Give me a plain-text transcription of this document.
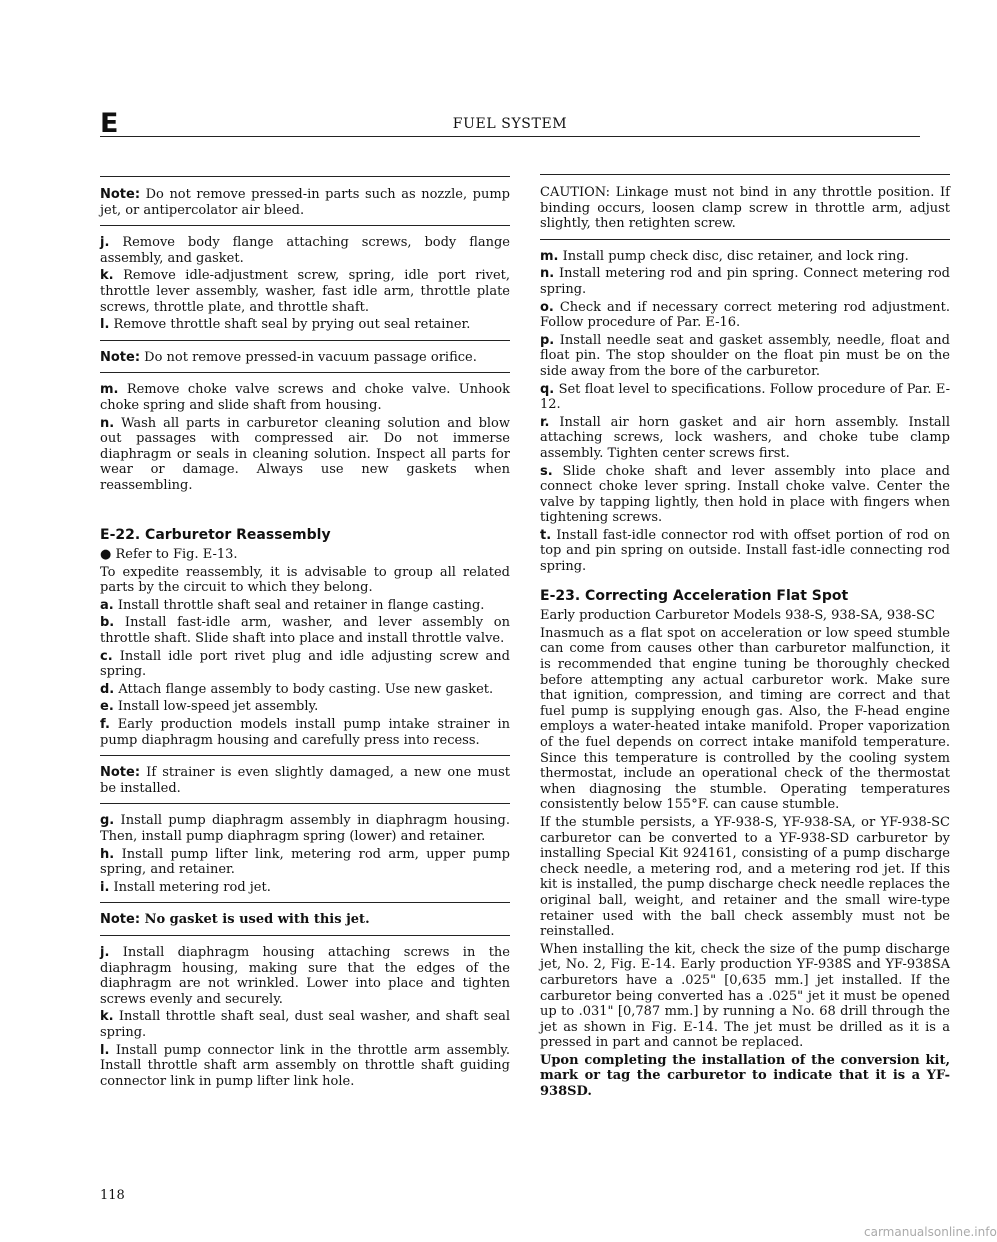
E	FUEL SYSTEM

Note: Do not remove pressed-in parts such as nozzle, pump jet, or antipercolator air bleed.

j. Remove body flange attaching screws, body flange assembly, and gasket.

k. Remove idle-adjustment screw, spring, idle port rivet, throttle lever assembly, washer, fast idle arm, throttle plate screws, throttle plate, and throttle shaft.

l. Remove throttle shaft seal by prying out seal retainer.

Note: Do not remove pressed-in vacuum passage orifice.

m. Remove choke valve screws and choke valve. Unhook choke spring and slide shaft from housing.

n. Wash all parts in carburetor cleaning solution and blow out passages with compressed air. Do not immerse diaphragm or seals in cleaning solution. Inspect all parts for wear or damage. Always use new gaskets when reassembling.

E-22. Carburetor Reassembly

● Refer to Fig. E-13.

To expedite reassembly, it is advisable to group all related parts by the circuit to which they belong.

a. Install throttle shaft seal and retainer in flange casting.

b. Install fast-idle arm, washer, and lever assembly on throttle shaft. Slide shaft into place and install throttle valve.

c. Install idle port rivet plug and idle adjusting screw and spring.

d. Attach flange assembly to body casting. Use new gasket.

e. Install low-speed jet assembly.

f. Early production models install pump intake strainer in pump diaphragm housing and carefully press into recess.

Note: If strainer is even slightly damaged, a new one must be installed.

g. Install pump diaphragm assembly in diaphragm housing. Then, install pump diaphragm spring (lower) and retainer.

h. Install pump lifter link, metering rod arm, upper pump spring, and retainer.

i. Install metering rod jet.

Note: No gasket is used with this jet.

j. Install diaphragm housing attaching screws in the diaphragm housing, making sure that the edges of the diaphragm are not wrinkled. Lower into place and tighten screws evenly and securely.

k. Install throttle shaft seal, dust seal washer, and shaft seal spring.

l. Install pump connector link in the throttle arm assembly. Install throttle shaft arm assembly on throttle shaft guiding connector link in pump lifter link hole.

CAUTION: Linkage must not bind in any throttle position. If binding occurs, loosen clamp screw in throttle arm, adjust slightly, then retighten screw.

m. Install pump check disc, disc retainer, and lock ring.

n. Install metering rod and pin spring. Connect metering rod spring.

o. Check and if necessary correct metering rod adjustment. Follow procedure of Par. E-16.

p. Install needle seat and gasket assembly, needle, float and float pin. The stop shoulder on the float pin must be on the side away from the bore of the carburetor.

q. Set float level to specifications. Follow procedure of Par. E-12.

r. Install air horn gasket and air horn assembly. Install attaching screws, lock washers, and choke tube clamp assembly. Tighten center screws first.

s. Slide choke shaft and lever assembly into place and connect choke lever spring. Install choke valve. Center the valve by tapping lightly, then hold in place with fingers when tightening screws.

t. Install fast-idle connector rod with offset portion of rod on top and pin spring on outside. Install fast-idle connecting rod spring.

E-23. Correcting Acceleration Flat Spot

Early production Carburetor Models 938-S, 938-SA, 938-SC

Inasmuch as a flat spot on acceleration or low speed stumble can come from causes other than carburetor malfunction, it is recommended that engine tuning be thoroughly checked before attempting any actual carburetor work. Make sure that ignition, compression, and timing are correct and that fuel pump is supplying enough gas. Also, the F-head engine employs a water-heated intake manifold. Proper vaporization of the fuel depends on correct intake manifold temperature. Since this temperature is controlled by the cooling system thermostat, include an operational check of the thermostat when diagnosing the stumble. Operating temperatures consistently below 155°F. can cause stumble.

If the stumble persists, a YF-938-S, YF-938-SA, or YF-938-SC carburetor can be converted to a YF-938-SD carburetor by installing Special Kit 924161, consisting of a pump discharge check needle, a metering rod, and a metering rod jet. If this kit is installed, the pump discharge check needle replaces the original ball, weight, and retainer and the small wire-type retainer used with the ball check assembly must not be reinstalled.

When installing the kit, check the size of the pump discharge jet, No. 2, Fig. E-14. Early production YF-938S and YF-938SA carburetors have a .025" [0,635 mm.] jet installed. If the carburetor being converted has a .025" jet it must be opened up to .031" [0,787 mm.] by running a No. 68 drill through the jet as shown in Fig. E-14. The jet must be drilled as it is a pressed in part and cannot be replaced.

Upon completing the installation of the conversion kit, mark or tag the carburetor to indicate that it is a YF-938SD.

118
carmanualsonline.info
